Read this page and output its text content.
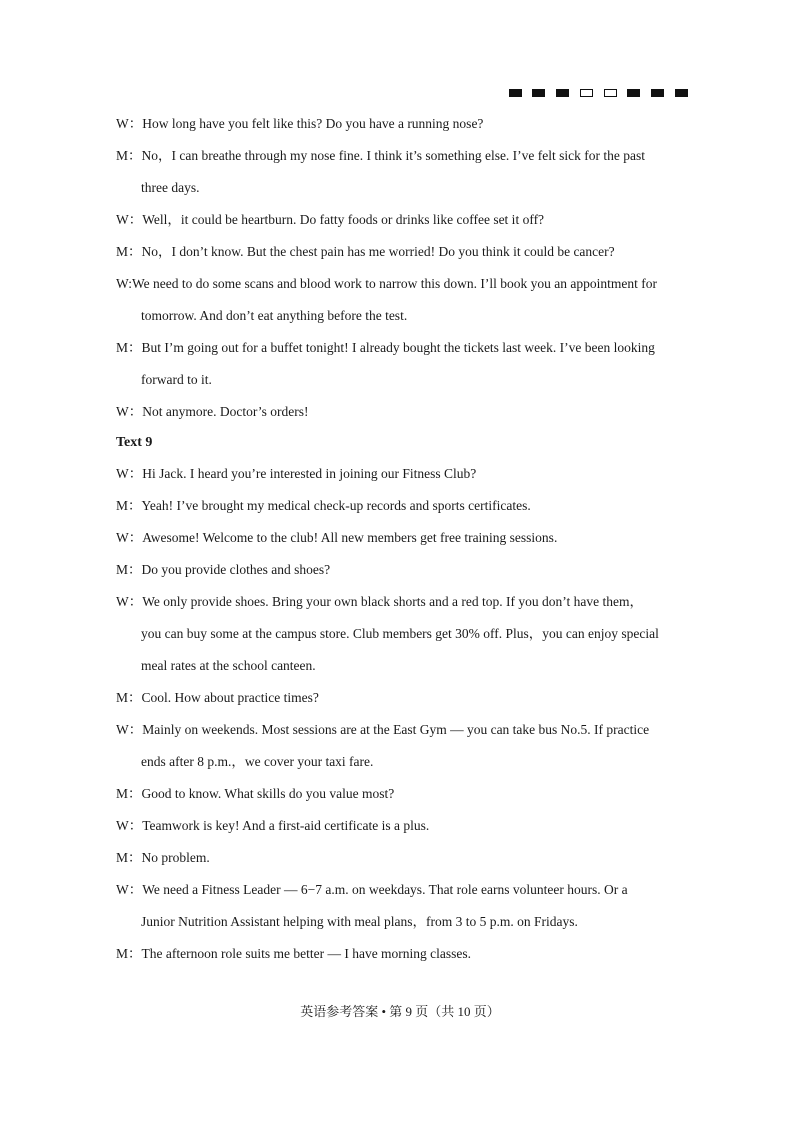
W：How long have you felt like this? Do you have a running nose?
M：No，I can breathe through my nose fine. I think it’s something else. I’ve felt sick for the past
three days.
W：Well，it could be heartburn. Do fatty foods or drinks like coffee set it off?
M：No，I don’t know. But the chest pain has me worried! Do you think it could be cancer?
W:We need to do some scans and blood work to narrow this down. I’ll book you an appointment for
tomorrow. And don’t eat anything before the test.
M：But I’m going out for a buffet tonight! I already bought the tickets last week. I’ve been looking
forward to it.
W：Not anymore. Doctor’s orders!
Text 9
W：Hi Jack. I heard you’re interested in joining our Fitness Club?
M：Yeah! I’ve brought my medical check-up records and sports certificates.
W：Awesome! Welcome to the club! All new members get free training sessions.
M：Do you provide clothes and shoes?
W：We only provide shoes. Bring your own black shorts and a red top. If you don’t have them，
you can buy some at the campus store. Club members get 30% off. Plus，you can enjoy special
meal rates at the school canteen.
M：Cool. How about practice times?
W：Mainly on weekends. Most sessions are at the East Gym — you can take bus No.5. If practice
ends after 8 p.m.，we cover your taxi fare.
M：Good to know. What skills do you value most?
W：Teamwork is key! And a first-aid certificate is a plus.
M：No problem.
W：We need a Fitness Leader — 6−7 a.m. on weekdays. That role earns volunteer hours. Or a
Junior Nutrition Assistant helping with meal plans，from 3 to 5 p.m. on Fridays.
M：The afternoon role suits me better — I have morning classes.
英语参考答案 • 第 9 页（共 10 页）
